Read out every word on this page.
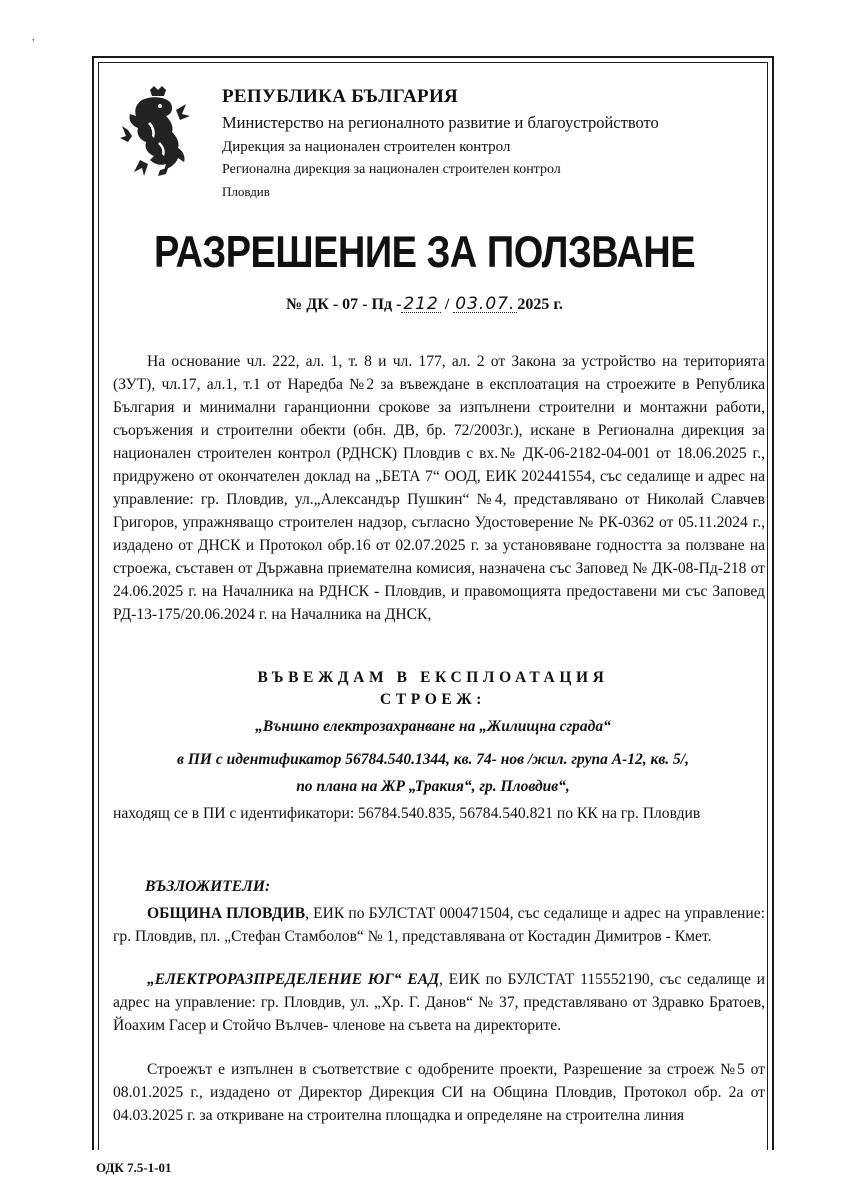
,
РЕПУБЛИКА БЪЛГАРИЯ
Министерство на регионалното развитие и благоустройството
Дирекция за национален строителен контрол
Регионална дирекция за национален строителен контрол
Пловдив
РАЗРЕШЕНИЕ ЗА ПОЛЗВАНЕ
№ ДК - 07 - Пд - 212 / 03.07. 2025 г.

На основание чл. 222, ал. 1, т. 8 и чл. 177, ал. 2 от Закона за устройство на територията (ЗУТ), чл.17, ал.1, т.1 от Наредба №2 за въвеждане в експлоатация на строежите в Република България и минимални гаранционни срокове за изпълнени строителни и монтажни работи, съоръжения и строителни обекти (обн. ДВ, бр. 72/2003г.), искане в Регионална дирекция за национален строителен контрол (РДНСК) Пловдив с вх.№ ДК-06-2182-04-001 от 18.06.2025 г., придружено от окончателен доклад на „БЕТА 7“ ООД, ЕИК 202441554, със седалище и адрес на управление: гр. Пловдив, ул.„Александър Пушкин“ №4, представлявано от Николай Славчев Григоров, упражняващо строителен надзор, съгласно Удостоверение № РК-0362 от 05.11.2024 г., издадено от ДНСК и Протокол обр.16 от 02.07.2025 г. за установяване годността за ползване на строежа, съставен от Държавна приемателна комисия, назначена със Заповед № ДК-08-Пд-218 от 24.06.2025 г. на Началника на РДНСК - Пловдив, и правомощията предоставени ми със Заповед РД-13-175/20.06.2024 г. на Началника на ДНСК,

ВЪВЕЖДАМ В ЕКСПЛОАТАЦИЯ
СТРОЕЖ:
„Външно електрозахранване на „Жилищна сграда“
в ПИ с идентификатор 56784.540.1344, кв. 74- нов /жил. група А-12, кв. 5/,
по плана на ЖР „Тракия“, гр. Пловдив“,
находящ се в ПИ с идентификатори: 56784.540.835, 56784.540.821 по КК на гр. Пловдив
ВЪЗЛОЖИТЕЛИ:

ОБЩИНА ПЛОВДИВ, ЕИК по БУЛСТАТ 000471504, със седалище и адрес на управление: гр. Пловдив, пл. „Стефан Стамболов“ № 1, представлявана от Костадин Димитров - Кмет.

„ЕЛЕКТРОРАЗПРЕДЕЛЕНИЕ ЮГ“ ЕАД, ЕИК по БУЛСТАТ 115552190, със седалище и адрес на управление: гр. Пловдив, ул. „Хр. Г. Данов“ № 37, представлявано от Здравко Братоев, Йоахим Гасер и Стойчо Вълчев- членове на съвета на директорите.

Строежът е изпълнен в съответствие с одобрените проекти, Разрешение за строеж №5 от 08.01.2025 г., издадено от Директор Дирекция СИ на Община Пловдив, Протокол обр. 2а от 04.03.2025 г. за откриване на строителна площадка и определяне на строителна линия

ОДК 7.5-1-01
